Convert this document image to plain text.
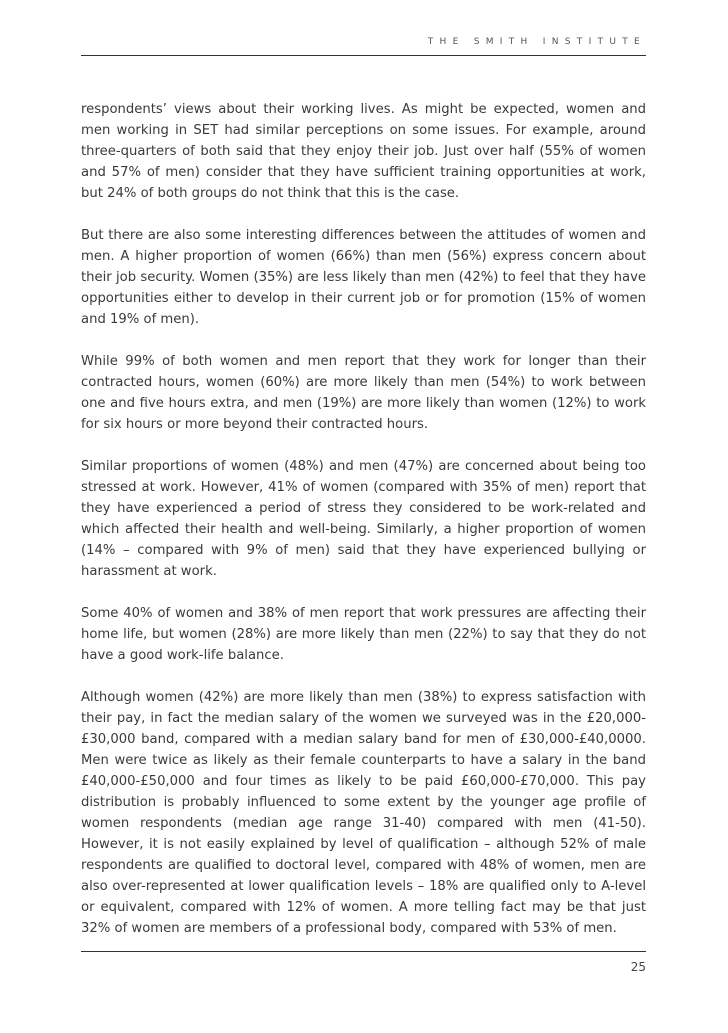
THE SMITH INSTITUTE

respondents’ views about their working lives. As might be expected, women and men working in SET had similar perceptions on some issues. For example, around three-quarters of both said that they enjoy their job. Just over half (55% of women and 57% of men) consider that they have sufficient training opportunities at work, but 24% of both groups do not think that this is the case.

But there are also some interesting differences between the attitudes of women and men. A higher proportion of women (66%) than men (56%) express concern about their job security. Women (35%) are less likely than men (42%) to feel that they have opportunities either to develop in their current job or for promotion (15% of women and 19% of men).

While 99% of both women and men report that they work for longer than their contracted hours, women (60%) are more likely than men (54%) to work between one and five hours extra, and men (19%) are more likely than women (12%) to work for six hours or more beyond their contracted hours.

Similar proportions of women (48%) and men (47%) are concerned about being too stressed at work. However, 41% of women (compared with 35% of men) report that they have experienced a period of stress they considered to be work-related and which affected their health and well-being. Similarly, a higher proportion of women (14% – compared with 9% of men) said that they have experienced bullying or harassment at work.

Some 40% of women and 38% of men report that work pressures are affecting their home life, but women (28%) are more likely than men (22%) to say that they do not have a good work-life balance.

Although women (42%) are more likely than men (38%) to express satisfaction with their pay, in fact the median salary of the women we surveyed was in the £20,000-£30,000 band, compared with a median salary band for men of £30,000-£40,0000. Men were twice as likely as their female counterparts to have a salary in the band £40,000-£50,000 and four times as likely to be paid £60,000-£70,000. This pay distribution is probably influenced to some extent by the younger age profile of women respondents (median age range 31-40) compared with men (41-50). However, it is not easily explained by level of qualification – although 52% of male respondents are qualified to doctoral level, compared with 48% of women, men are also over-represented at lower qualification levels – 18% are qualified only to A-level or equivalent, compared with 12% of women. A more telling fact may be that just 32% of women are members of a professional body, compared with 53% of men.

25
